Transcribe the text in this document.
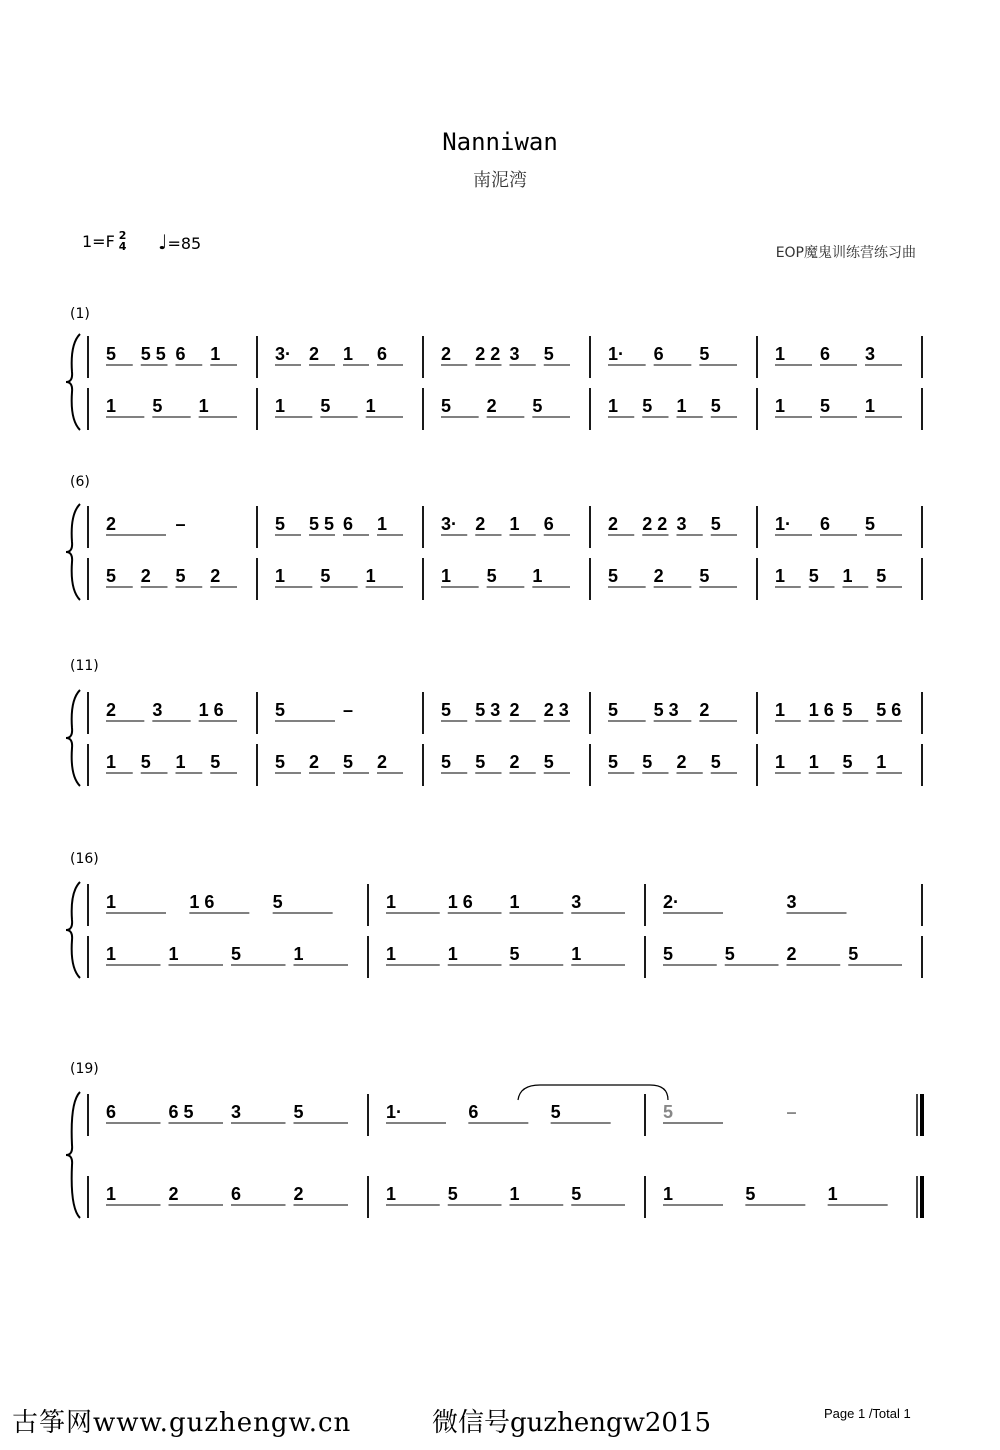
Nanniwan
南泥湾
1=F 2
4 ♩=85	EOP魔鬼训练营练习曲
5 5 5 6 1	3· 2 1 6	2 2 2 3 5	1· 6 5	1 6 3
1 5 1	1 5 1	5 2 5	1 5 1 5	1 5 1
2	–	5 5 5 6 1	3· 2 1 6	2 2 2 3 5	1· 6 5
5 2 5 2	1 5 1	1 5 1	5 2 5	1 5 1 5
2 3 1 6	5	–	5 5 3 2 2 3 5 5 3 2	1 1 6 5 5 6
1 5 1 5	5 2 5 2	5 5 2 5	5 5 2 5	1 1 5 1
1	1 6	5	1	1 6 1	3	2·	3
1	1	5	1	1	1	5	1	5	5	2	5
6	6 5 3	5	1·	6	5	5	–
1	2	6	2	1	5	1	5	1	5	1
Page 1 /Total 1
古筝网www.guzhengw.cn	微信号guzhengw2015
(1)
(6)
(11)
(16)
(19)
